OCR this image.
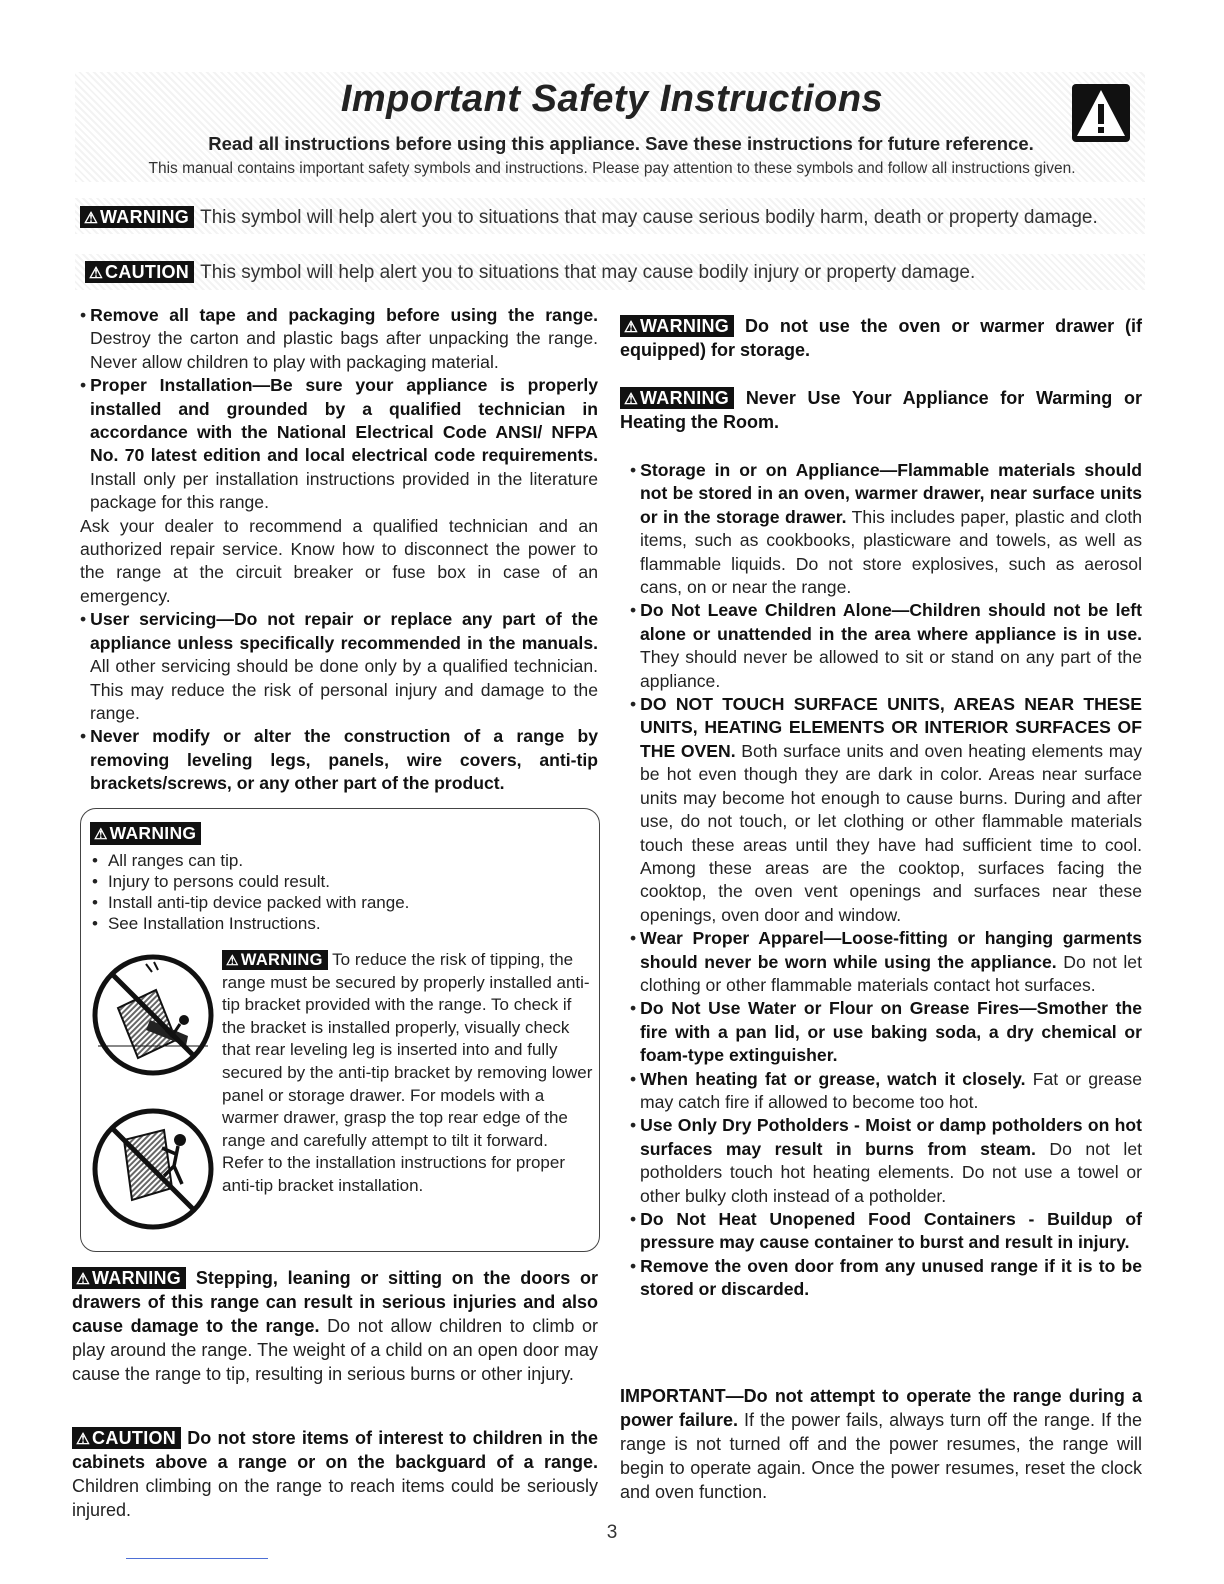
Important Safety Instructions
Read all instructions before using this appliance. Save these instructions for future reference.
This manual contains important safety symbols and instructions. Please pay attention to these symbols and follow all instructions given.
⚠ WARNING This symbol will help alert you to situations that may cause serious bodily harm, death or property damage.
⚠ CAUTION This symbol will help alert you to situations that may cause bodily injury or property damage.

• Remove all tape and packaging before using the range. Destroy the carton and plastic bags after unpacking the range. Never allow children to play with packaging material.

• Proper Installation—Be sure your appliance is properly installed and grounded by a qualified technician in accordance with the National Electrical Code ANSI/ NFPA No. 70 latest edition and local electrical code requirements. Install only per installation instructions provided in the literature package for this range.

Ask your dealer to recommend a qualified technician and an authorized repair service. Know how to disconnect the power to the range at the circuit breaker or fuse box in case of an emergency.

• User servicing—Do not repair or replace any part of the appliance unless specifically recommended in the manuals. All other servicing should be done only by a qualified technician. This may reduce the risk of personal injury and damage to the range.

• Never modify or alter the construction of a range by removing leveling legs, panels, wire covers, anti-tip brackets/screws, or any other part of the product.

⚠ WARNING
• All ranges can tip.
• Injury to persons could result.
• Install anti-tip device packed with range.
• See Installation Instructions.
⚠ WARNING To reduce the risk of tipping, the range must be secured by properly installed anti-tip bracket provided with the range. To check if the bracket is installed properly, visually check that rear leveling leg is inserted into and fully secured by the anti-tip bracket by removing lower panel or storage drawer. For models with a warmer drawer, grasp the top rear edge of the range and carefully attempt to tilt it forward. Refer to the installation instructions for proper anti-tip bracket installation.
⚠ WARNING Stepping, leaning or sitting on the doors or drawers of this range can result in serious injuries and also cause damage to the range. Do not allow children to climb or play around the range. The weight of a child on an open door may cause the range to tip, resulting in serious burns or other injury.
⚠ CAUTION Do not store items of interest to children in the cabinets above a range or on the backguard of a range. Children climbing on the range to reach items could be seriously injured.
⚠ WARNING Do not use the oven or warmer drawer (if equipped) for storage.
⚠ WARNING Never Use Your Appliance for Warming or Heating the Room.

• Storage in or on Appliance—Flammable materials should not be stored in an oven, warmer drawer, near surface units or in the storage drawer. This includes paper, plastic and cloth items, such as cookbooks, plasticware and towels, as well as flammable liquids. Do not store explosives, such as aerosol cans, on or near the range.

• Do Not Leave Children Alone—Children should not be left alone or unattended in the area where appliance is in use. They should never be allowed to sit or stand on any part of the appliance.

• DO NOT TOUCH SURFACE UNITS, AREAS NEAR THESE UNITS, HEATING ELEMENTS OR INTERIOR SURFACES OF THE OVEN. Both surface units and oven heating elements may be hot even though they are dark in color. Areas near surface units may become hot enough to cause burns. During and after use, do not touch, or let clothing or other flammable materials touch these areas until they have had sufficient time to cool. Among these areas are the cooktop, surfaces facing the cooktop, the oven vent openings and surfaces near these openings, oven door and window.

• Wear Proper Apparel—Loose-fitting or hanging garments should never be worn while using the appliance. Do not let clothing or other flammable materials contact hot surfaces.

• Do Not Use Water or Flour on Grease Fires—Smother the fire with a pan lid, or use baking soda, a dry chemical or foam-type extinguisher.

• When heating fat or grease, watch it closely. Fat or grease may catch fire if allowed to become too hot.

• Use Only Dry Potholders - Moist or damp potholders on hot surfaces may result in burns from steam. Do not let potholders touch hot heating elements. Do not use a towel or other bulky cloth instead of a potholder.

• Do Not Heat Unopened Food Containers - Buildup of pressure may cause container to burst and result in injury.

• Remove the oven door from any unused range if it is to be stored or discarded.

IMPORTANT—Do not attempt to operate the range during a power failure. If the power fails, always turn off the range. If the range is not turned off and the power resumes, the range will begin to operate again. Once the power resumes, reset the clock and oven function.
3
